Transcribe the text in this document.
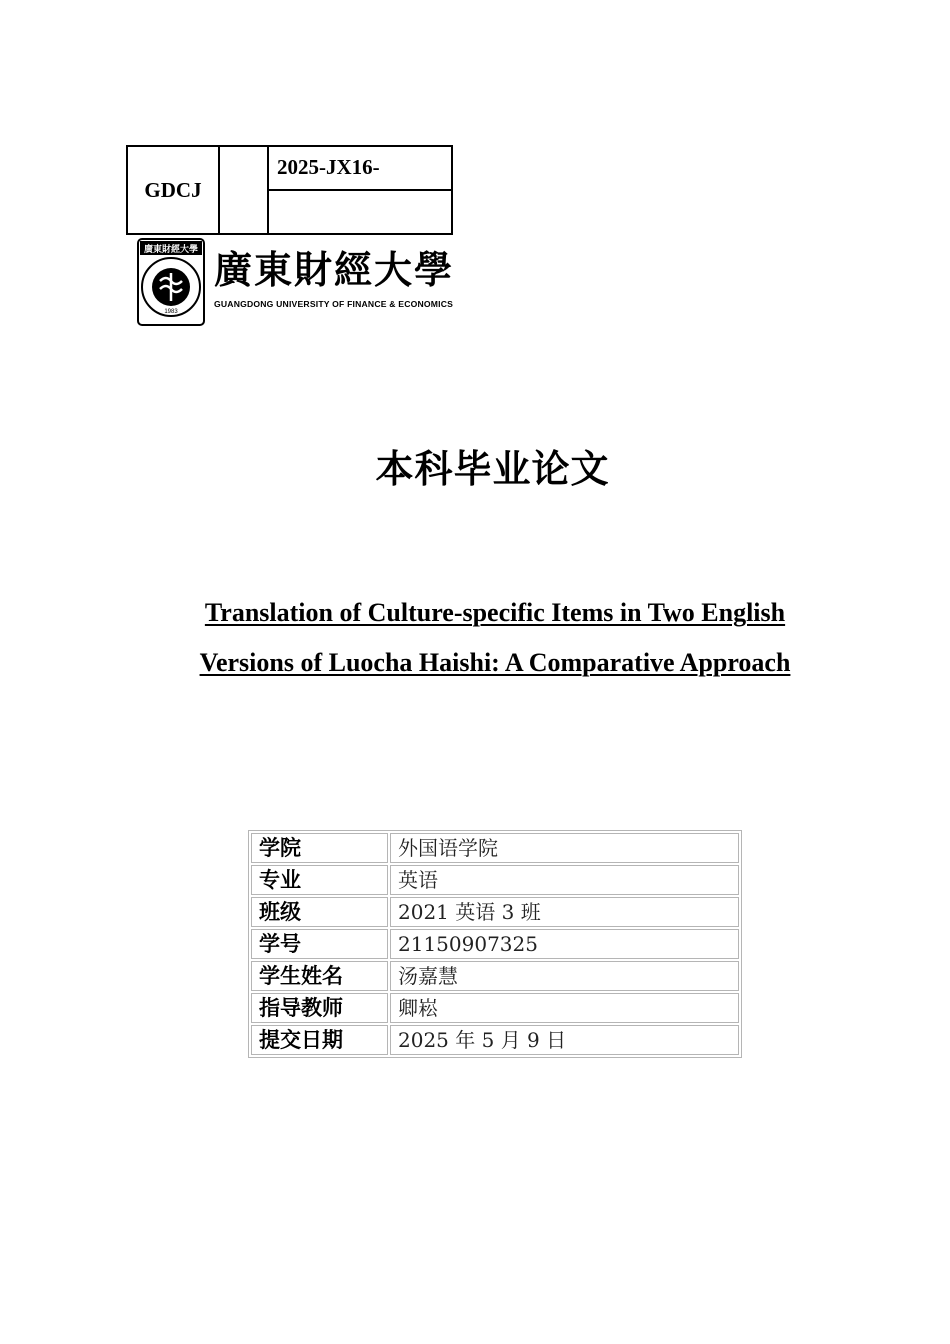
GDCJ		2025-JX16-

廣東財經大學
1983
廣東財經大學
GUANGDONG UNIVERSITY OF FINANCE & ECONOMICS
本科毕业论文
Translation of Culture-specific Items in Two English
Versions of Luocha Haishi: A Comparative Approach
学院	外国语学院
专业	英语
班级	2021 英语 3 班
学号	21150907325
学生姓名	汤嘉慧
指导教师	卿崧
提交日期	2025 年 5 月 9 日
